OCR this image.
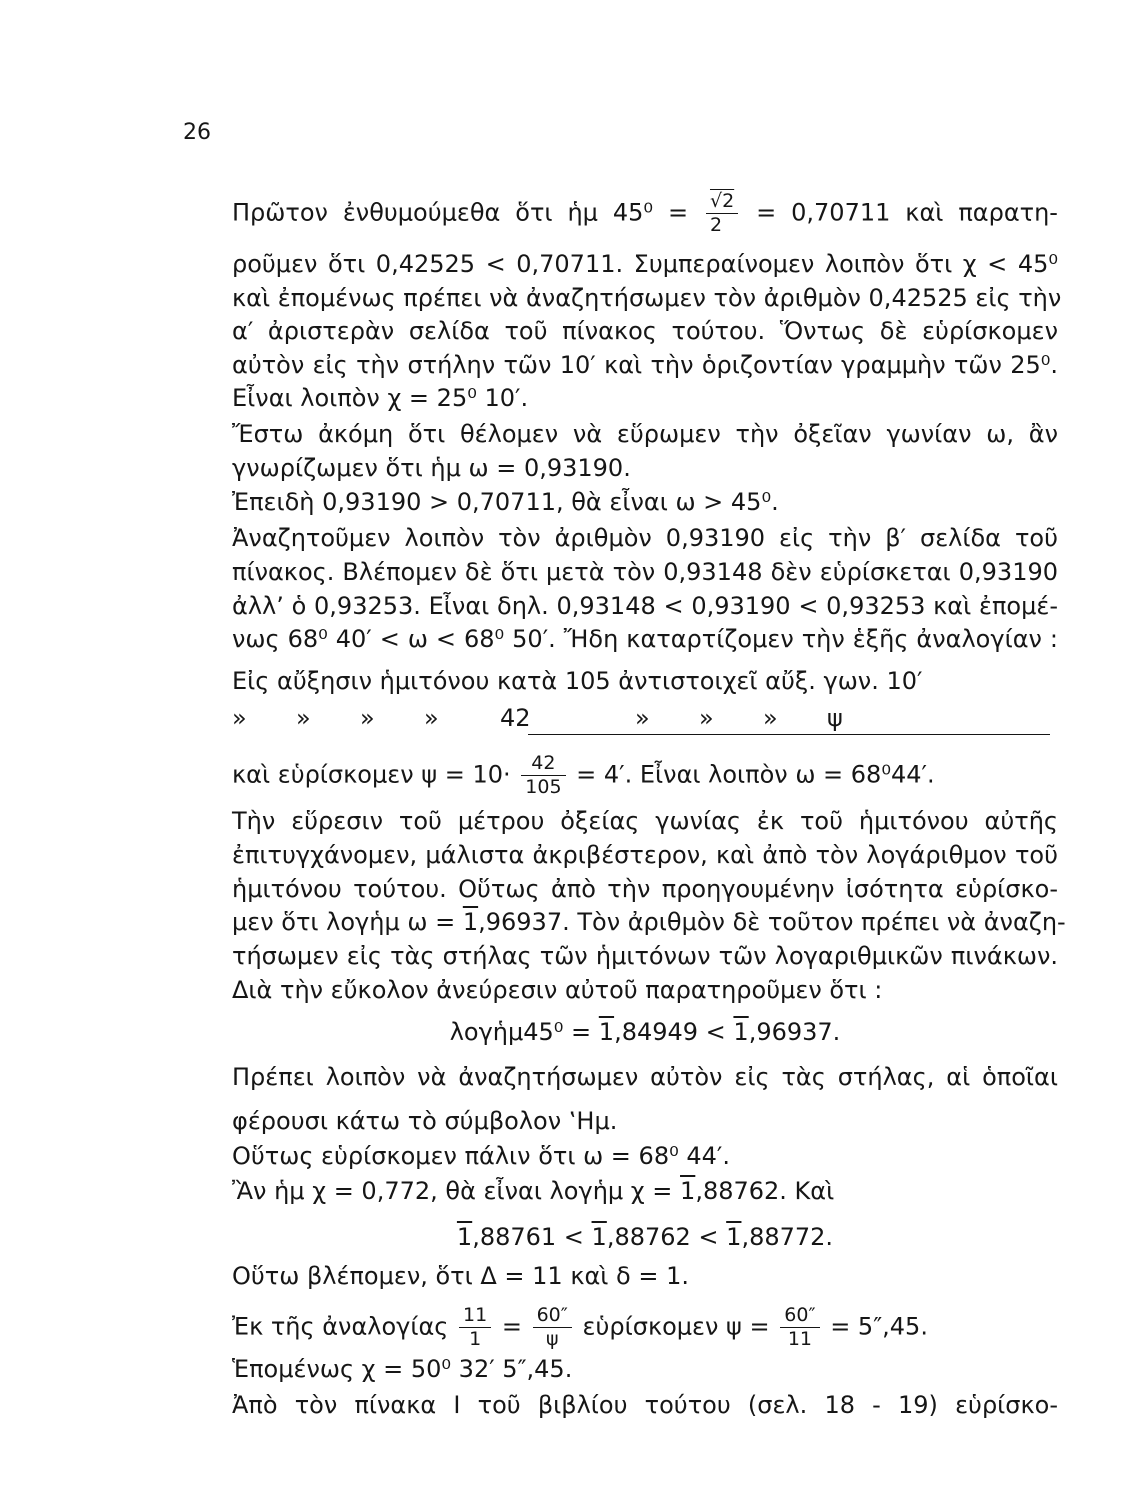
26
Πρῶτον ἐνθυμούμεθα ὅτι ἡμ $45^0 = \frac{√2}{2} = 0,70711$ καὶ παρατη-
ροῦμεν ὅτι 0,42525 < 0,70711. Συμπεραίνομεν λοιπὸν ὅτι χ < 45⁰
καὶ ἐπομένως πρέπει νὰ ἀναζητήσωμεν τὸν ἀριθμὸν 0,42525 εἰς τὴν
α′ ἀριστερὰν σελίδα τοῦ πίνακος τούτου. Ὅντως δὲ εὑρίσκομεν
αὐτὸν εἰς τὴν στήλην τῶν 10′ καὶ τὴν ὁριζοντίαν γραμμὴν τῶν 25⁰.
Εἶναι λοιπὸν χ = 25⁰ 10′.
Ἔστω ἀκόμη ὅτι θέλομεν νὰ εὕρωμεν τὴν ὀξεῖαν γωνίαν ω, ἂν
γνωρίζωμεν ὅτι ἡμ ω = 0,93190.
Ἐπειδὴ 0,93190 > 0,70711, θὰ εἶναι ω > 45⁰.
Ἀναζητοῦμεν λοιπὸν τὸν ἀριθμὸν 0,93190 εἰς τὴν β′ σελίδα τοῦ
πίνακος. Βλέπομεν δὲ ὅτι μετὰ τὸν 0,93148 δὲν εὑρίσκεται 0,93190
ἀλλ’ ὁ 0,93253. Εἶναι δηλ. 0,93148 < 0,93190 < 0,93253 καὶ ἐπομέ-
νως 68⁰ 40′ < ω < 68⁰ 50′. Ἤδη καταρτίζομεν τὴν ἑξῆς ἀναλογίαν :
Εἰς αὔξησιν ἡμιτόνου κατὰ 105 ἀντιστοιχεῖ αὔξ. γων. 10′
» » » »	42	» » » ψ
καὶ εὑρίσκομεν $\psi = 10\cdot \frac{42}{105} = 4'$. Εἶναι λοιπὸν ω = 68⁰44′.
Τὴν εὕρεσιν τοῦ μέτρου ὀξείας γωνίας ἐκ τοῦ ἡμιτόνου αὐτῆς
ἐπιτυγχάνομεν, μάλιστα ἀκριβέστερον, καὶ ἀπὸ τὸν λογάριθμον τοῦ
ἡμιτόνου τούτου. Οὕτως ἀπὸ τὴν προηγουμένην ἰσότητα εὑρίσκο-
μεν ὅτι λογἡμ ω = 1,96937. Τὸν ἀριθμὸν δὲ τοῦτον πρέπει νὰ ἀναζη-
τήσωμεν εἰς τὰς στήλας τῶν ἡμιτόνων τῶν λογαριθμικῶν πινάκων.
Διὰ τὴν εὔκολον ἀνεύρεσιν αὐτοῦ παρατηροῦμεν ὅτι :
λογἡμ45⁰ = 1,84949 < 1,96937.
Πρέπει λοιπὸν νὰ ἀναζητήσωμεν αὐτὸν εἰς τὰς στήλας, αἱ ὁποῖαι
φέρουσι κάτω τὸ σύμβολον ‛Ημ.
Οὕτως εὑρίσκομεν πάλιν ὅτι ω = 68⁰ 44′.
Ἂν ἡμ χ = 0,772, θὰ εἶναι λογἡμ χ = 1,88762. Καὶ
1,88761 < 1,88762 < 1,88772.
Οὕτω βλέπομεν, ὅτι Δ = 11 καὶ δ = 1.
Ἐκ τῆς ἀναλογίας $\frac{11}{1} = \frac{60''}{\psi}$ εὑρίσκομεν $\psi = \frac{60''}{11} = 5'',45$.
Ἑπομένως χ = 50⁰ 32′ 5″,45.
Ἀπὸ τὸν πίνακα Ι τοῦ βιβλίου τούτου (σελ. 18 - 19) εὑρίσκο-
